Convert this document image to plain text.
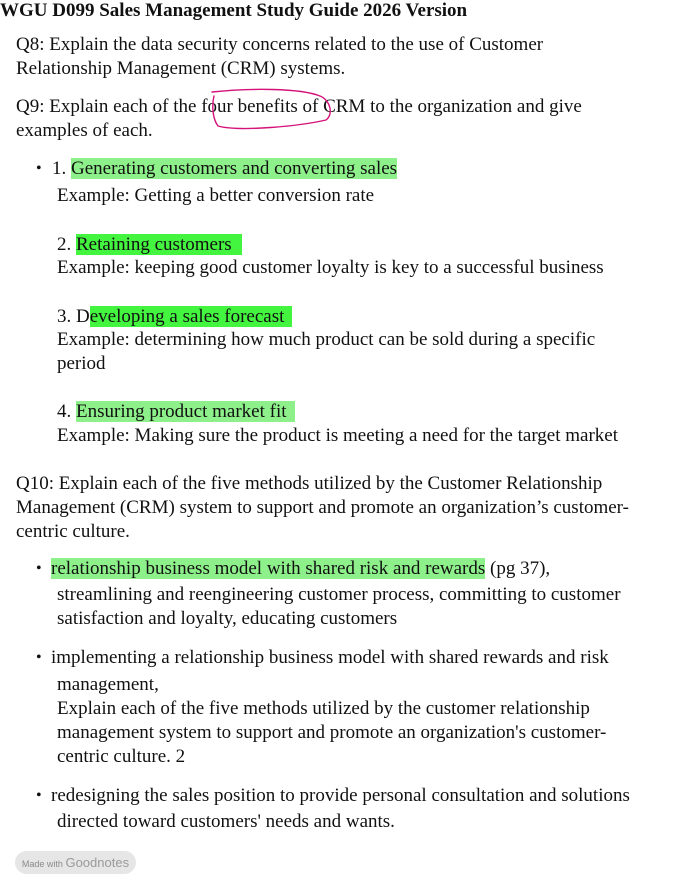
WGU D099 Sales Management Study Guide 2026 Version
Q8: Explain the data security concerns related to the use of Customer
Relationship Management (CRM) systems.
Q9: Explain each of the four benefits of CRM to the organization and give
examples of each.
• 1. Generating customers and converting sales
Example: Getting a better conversion rate
2. Retaining customers
Example: keeping good customer loyalty is key to a successful business
3. Developing a sales forecast
Example: determining how much product can be sold during a specific
period
4. Ensuring product market fit
Example: Making sure the product is meeting a need for the target market
Q10: Explain each of the five methods utilized by the Customer Relationship
Management (CRM) system to support and promote an organization’s customer-
centric culture.
• relationship business model with shared risk and rewards (pg 37),
streamlining and reengineering customer process, committing to customer
satisfaction and loyalty, educating customers
• implementing a relationship business model with shared rewards and risk
management,
Explain each of the five methods utilized by the customer relationship
management system to support and promote an organization's customer-
centric culture. 2
• redesigning the sales position to provide personal consultation and solutions
directed toward customers' needs and wants.
Made with Goodnotes
